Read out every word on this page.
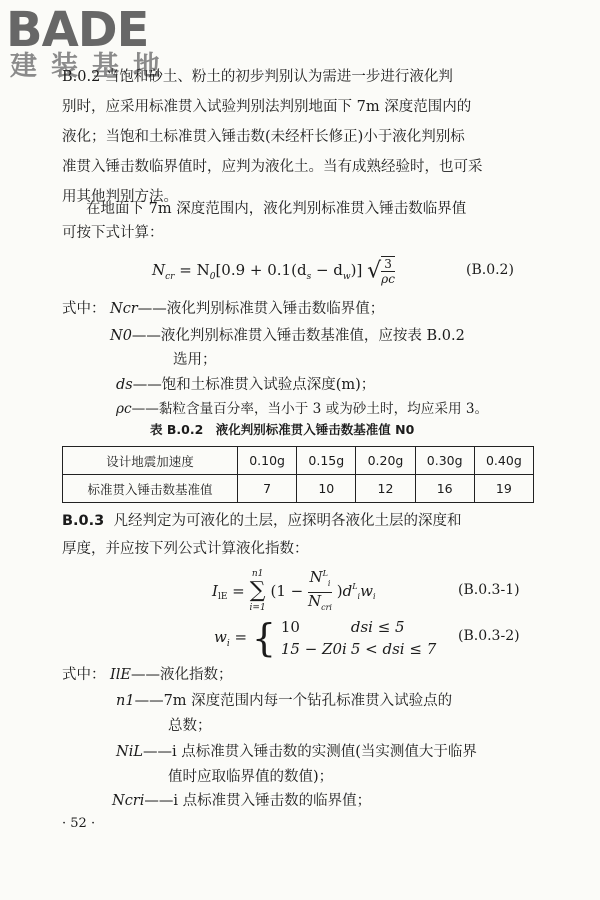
BADE
建装基地
B.0.2 当饱和砂土、粉土的初步判别认为需进一步进行液化判
别时，应采用标准贯入试验判别法判别地面下 7m 深度范围内的
液化；当饱和土标准贯入锤击数(未经杆长修正)小于液化判别标
准贯入锤击数临界值时，应判为液化土。当有成熟经验时，也可采
用其他判别方法。
在地面下 7m 深度范围内，液化判别标准贯入锤击数临界值
可按下式计算：
$N_{cr} = N_0[0.9 + 0.1(d_s - d_w)]$ √ $\frac{3}{\rho c}$	(B.0.2)
式中： Ncr——液化判别标准贯入锤击数临界值；
N0——液化判别标准贯入锤击数基准值，应按表 B.0.2
选用；
ds——饱和土标准贯入试验点深度(m)；
ρc——黏粒含量百分率，当小于 3 或为砂土时，均应采用 3。
表 B.0.2　液化判别标准贯入锤击数基准值 N0
设计地震加速度	0.10g	0.15g	0.20g	0.30g	0.40g
标准贯入锤击数基准值	7	10	12	16	19
B.0.3 凡经判定为可液化的土层，应探明各液化土层的深度和
厚度，并应按下列公式计算液化指数：
$I_{lE}$ =
n1
∑
i=1
(1 −
$N^L_i$
$N_{cri}$
)$d^L_iw_i$	(B.0.3-1)
$w_i$ = { 10	dsi ≤ 5
15 − Z0i 5 < dsi ≤ 7
(B.0.3-2)
式中： IlE——液化指数；
n1——7m 深度范围内每一个钻孔标准贯入试验点的
总数；
NiL——i 点标准贯入锤击数的实测值(当实测值大于临界
值时应取临界值的数值)；
Ncri——i 点标准贯入锤击数的临界值；
· 52 ·
